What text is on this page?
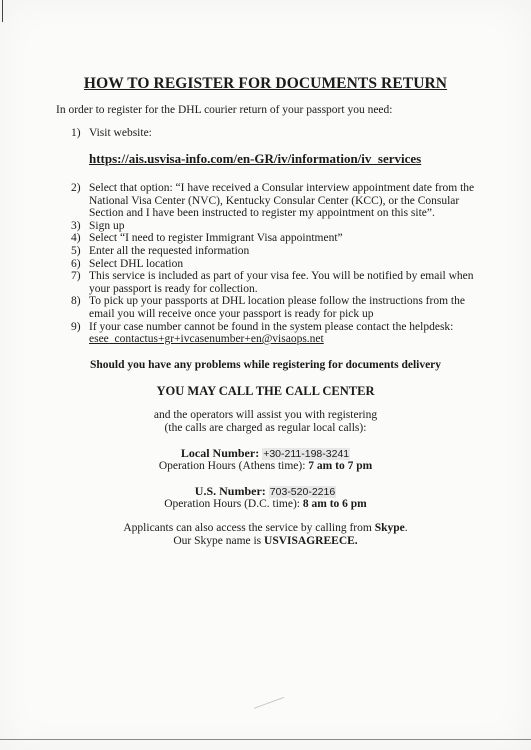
HOW TO REGISTER FOR DOCUMENTS RETURN
In order to register for the DHL courier return of your passport you need:
1) Visit website:
https://ais.usvisa-info.com/en-GR/iv/information/iv_services
2) Select that option: “I have received a Consular interview appointment date from the National Visa Center (NVC), Kentucky Consular Center (KCC), or the Consular Section and I have been instructed to register my appointment on this site”.
3) Sign up
4) Select “I need to register Immigrant Visa appointment”
5) Enter all the requested information
6) Select DHL location
7) This service is included as part of your visa fee. You will be notified by email when your passport is ready for collection.
8) To pick up your passports at DHL location please follow the instructions from the email you will receive once your passport is ready for pick up
9) If your case number cannot be found in the system please contact the helpdesk:
esee_contactus+gr+ivcasenumber+en@visaops.net
Should you have any problems while registering for documents delivery
YOU MAY CALL THE CALL CENTER
and the operators will assist you with registering
(the calls are charged as regular local calls):
Local Number: +30-211-198-3241
Operation Hours (Athens time): 7 am to 7 pm
U.S. Number: 703-520-2216
Operation Hours (D.C. time): 8 am to 6 pm
Applicants can also access the service by calling from Skype.
Our Skype name is USVISAGREECE.
